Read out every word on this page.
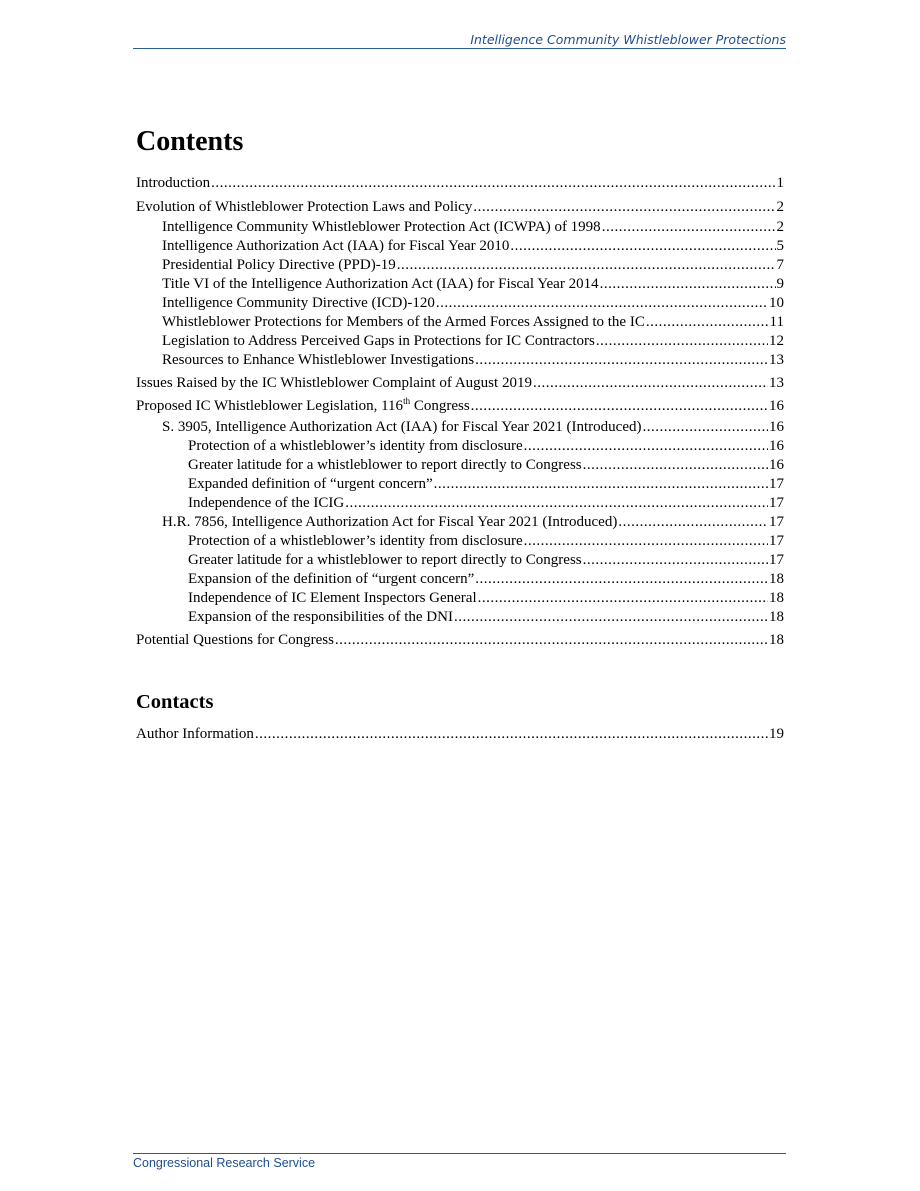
Intelligence Community Whistleblower Protections
Contents
Introduction .....	1
Evolution of Whistleblower Protection Laws and Policy .....	2
Intelligence Community Whistleblower Protection Act (ICWPA) of 1998 .....	2
Intelligence Authorization Act (IAA) for Fiscal Year 2010 .....	5
Presidential Policy Directive (PPD)-19 .....	7
Title VI of the Intelligence Authorization Act (IAA) for Fiscal Year 2014 .....	9
Intelligence Community Directive (ICD)-120 .....	10
Whistleblower Protections for Members of the Armed Forces Assigned to the IC .....	11
Legislation to Address Perceived Gaps in Protections for IC Contractors .....	12
Resources to Enhance Whistleblower Investigations .....	13
Issues Raised by the IC Whistleblower Complaint of August 2019 .....	13
Proposed IC Whistleblower Legislation, 116th Congress .....	16
S. 3905, Intelligence Authorization Act (IAA) for Fiscal Year 2021 (Introduced) .....	16
Protection of a whistleblower’s identity from disclosure .....	16
Greater latitude for a whistleblower to report directly to Congress .....	16
Expanded definition of “urgent concern” .....	17
Independence of the ICIG .....	17
H.R. 7856, Intelligence Authorization Act for Fiscal Year 2021 (Introduced) .....	17
Protection of a whistleblower’s identity from disclosure .....	17
Greater latitude for a whistleblower to report directly to Congress .....	17
Expansion of the definition of “urgent concern” .....	18
Independence of IC Element Inspectors General .....	18
Expansion of the responsibilities of the DNI .....	18
Potential Questions for Congress .....	18
Contacts
Author Information .....	19
Congressional Research Service
